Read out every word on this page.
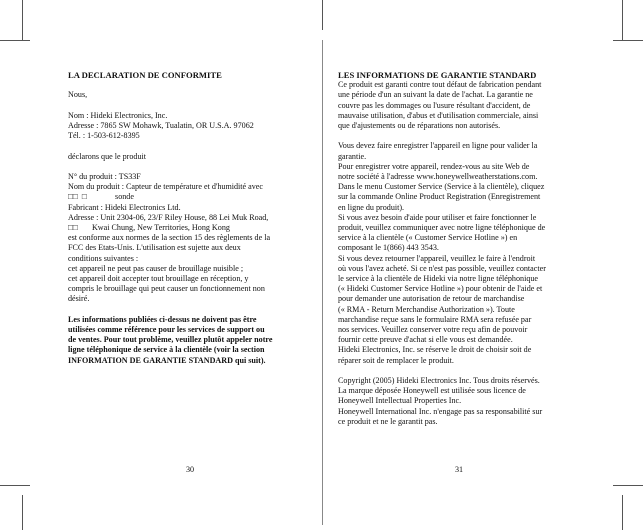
LA DECLARATION DE CONFORMITE
Nous,
Nom : Hideki Electronics, Inc.
Adresse : 7865 SW Mohawk, Tualatin, OR U.S.A. 97062
Tél. : 1-503-612-8395
déclarons que le produit
N° du produit : TS33F
Nom du produit : Capteur de température et d'humidité avec
□□  □              sonde
Fabricant : Hideki Electronics Ltd.
Adresse : Unit 2304-06, 23/F Riley House, 88 Lei Muk Road,
□□       Kwai Chung, New Territories, Hong Kong
est conforme aux normes de la section 15 des règlements de la
FCC des Etats-Unis. L'utilisation est sujette aux deux
conditions suivantes :
cet appareil ne peut pas causer de brouillage nuisible ;
cet appareil doit accepter tout brouillage en réception, y
compris le brouillage qui peut causer un fonctionnement non
désiré.
Les informations publiées ci-dessus ne doivent pas être
utilisées comme référence pour les services de support ou
de ventes. Pour tout problème, veuillez plutôt appeler notre
ligne téléphonique de service à la clientèle (voir la section
INFORMATION DE GARANTIE STANDARD qui suit).
30
LES INFORMATIONS DE GARANTIE STANDARD
Ce produit est garanti contre tout défaut de fabrication pendant
une période d'un an suivant la date de l'achat. La garantie ne
couvre pas les dommages ou l'usure résultant d'accident, de
mauvaise utilisation, d'abus et d'utilisation commerciale, ainsi
que d'ajustements ou de réparations non autorisés.
Vous devez faire enregistrer l'appareil en ligne pour valider la
garantie.
Pour enregistrer votre appareil, rendez-vous au site Web de
notre société à l'adresse www.honeywellweatherstations.com.
Dans le menu Customer Service (Service à la clientèle), cliquez
sur la commande Online Product Registration (Enregistrement
en ligne du produit).
Si vous avez besoin d'aide pour utiliser et faire fonctionner le
produit, veuillez communiquer avec notre ligne téléphonique de
service à la clientèle (« Customer Service Hotline ») en
composant le 1(866) 443 3543.
Si vous devez retourner l'appareil, veuillez le faire à l'endroit
où vous l'avez acheté. Si ce n'est pas possible, veuillez contacter
le service à la clientèle de Hideki via notre ligne téléphonique
(« Hideki Customer Service Hotline ») pour obtenir de l'aide et
pour demander une autorisation de retour de marchandise
(« RMA - Return Merchandise Authorization »). Toute
marchandise reçue sans le formulaire RMA sera refusée par
nos services. Veuillez conserver votre reçu afin de pouvoir
fournir cette preuve d'achat si elle vous est demandée.
Hideki Electronics, Inc. se réserve le droit de choisir soit de
réparer soit de remplacer le produit.
Copyright (2005) Hideki Electronics Inc. Tous droits réservés.
La marque déposée Honeywell est utilisée sous licence de
Honeywell Intellectual Properties Inc.
Honeywell International Inc. n'engage pas sa responsabilité sur
ce produit et ne le garantit pas.
31
